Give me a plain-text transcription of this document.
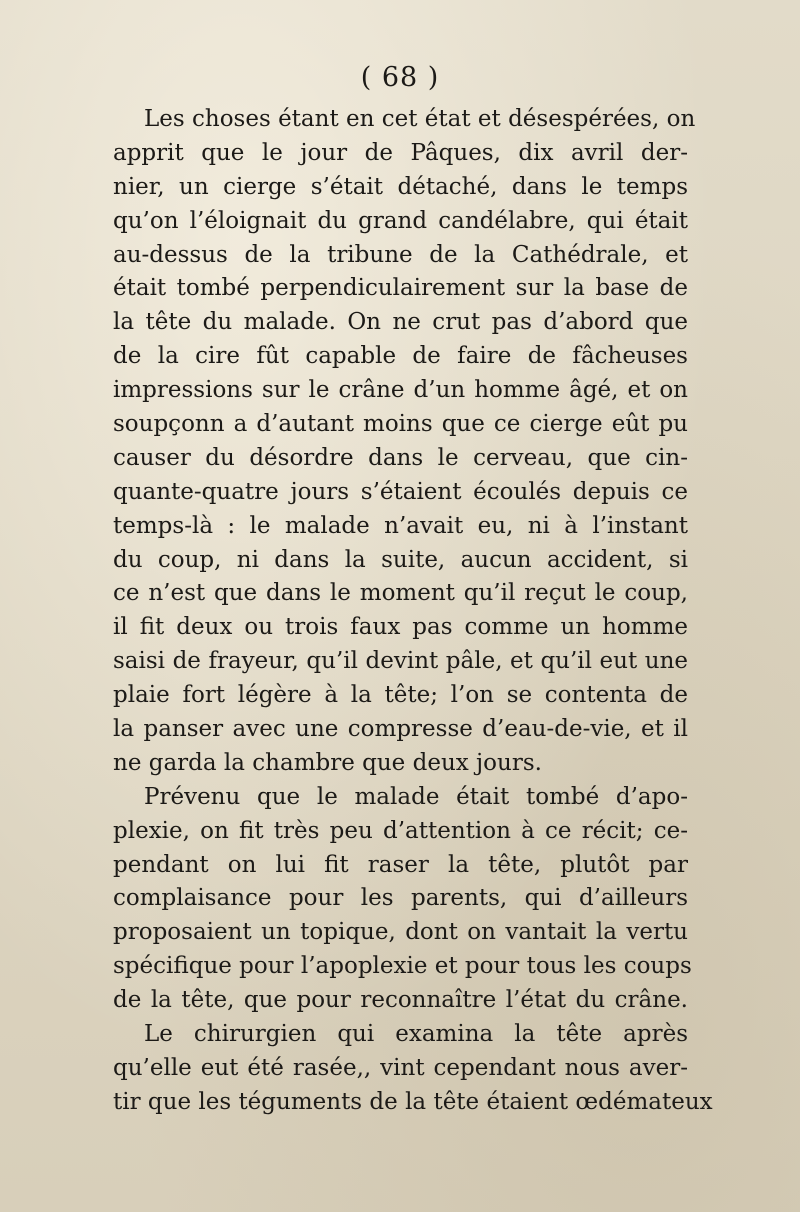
( 68 )
Les choses étant en cet état et désespérées, on
apprit que le jour de Pâques, dix avril der-
nier, un cierge s’était détaché, dans le temps
qu’on l’éloignait du grand candélabre, qui était
au-dessus de la tribune de la Cathédrale, et
était tombé perpendiculairement sur la base de
la tête du malade. On ne crut pas d’abord que
de la cire fût capable de faire de fâcheuses
impressions sur le crâne d’un homme âgé, et on
soupçonn a d’autant moins que ce cierge eût pu
causer du désordre dans le cerveau, que cin-
quante-quatre jours s’étaient écoulés depuis ce
temps-là : le malade n’avait eu, ni à l’instant
du coup, ni dans la suite, aucun accident, si
ce n’est que dans le moment qu’il reçut le coup,
il fit deux ou trois faux pas comme un homme
saisi de frayeur, qu’il devint pâle, et qu’il eut une
plaie fort légère à la tête; l’on se contenta de
la panser avec une compresse d’eau-de-vie, et il
ne garda la chambre que deux jours.
Prévenu que le malade était tombé d’apo-
plexie, on fit très peu d’attention à ce récit; ce-
pendant on lui fit raser la tête, plutôt par
complaisance pour les parents, qui d’ailleurs
proposaient un topique, dont on vantait la vertu
spécifique pour l’apoplexie et pour tous les coups
de la tête, que pour reconnaître l’état du crâne.
Le chirurgien qui examina la tête après
qu’elle eut été rasée,, vint cependant nous aver-
tir que les téguments de la tête étaient œdémateux
